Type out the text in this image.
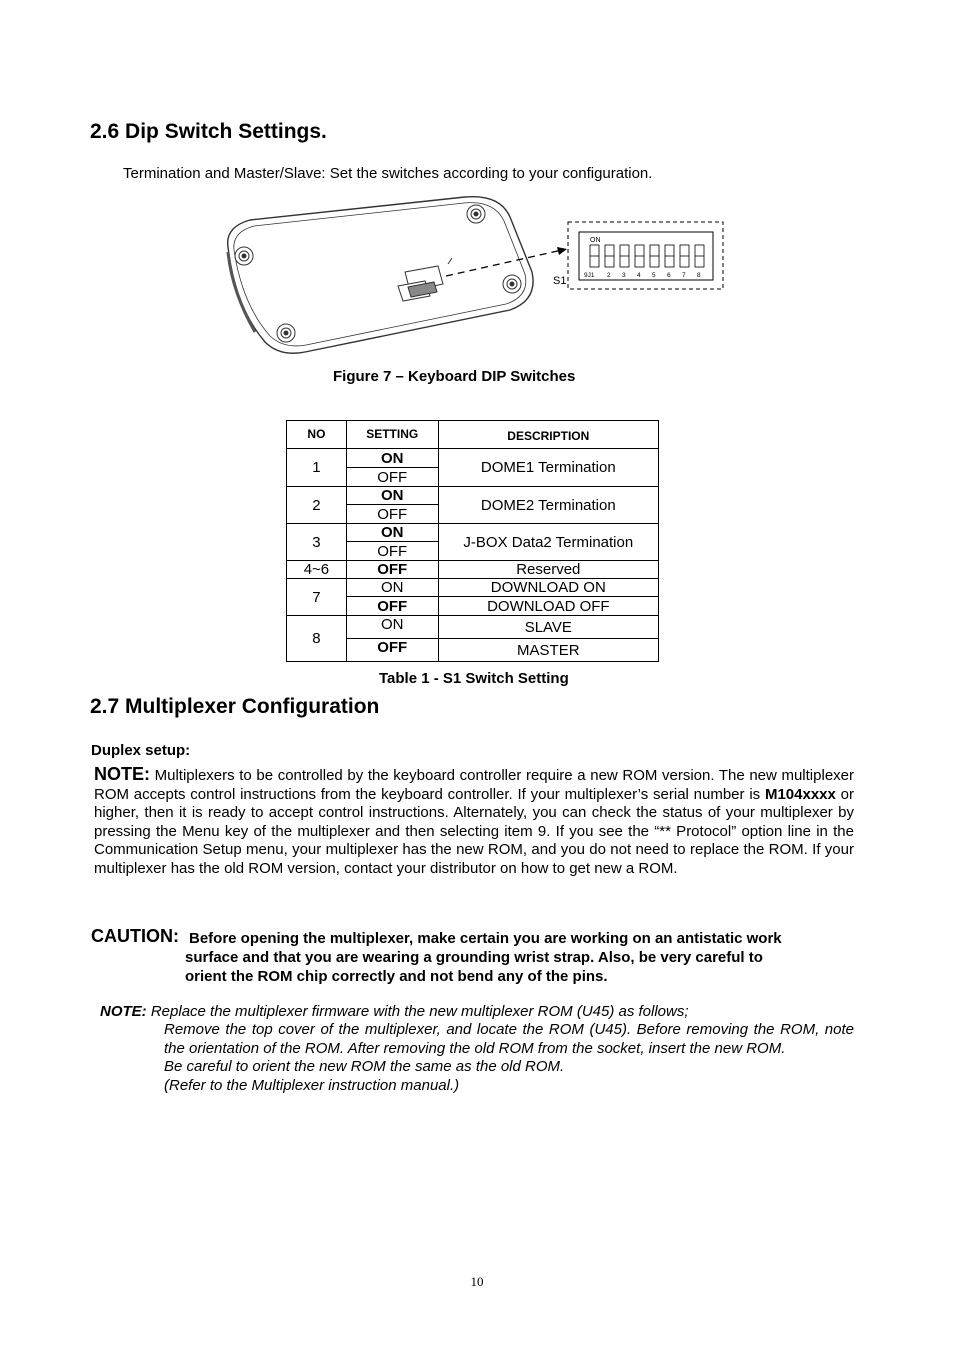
2.6 Dip Switch Settings.
Termination and Master/Slave: Set the switches according to your configuration.
S1
ON
9J1 2 3 4 5 6 7 8
Figure 7 – Keyboard DIP Switches
NO	SETTING	DESCRIPTION
1	ON	DOME1 Termination
	OFF	
2	ON	DOME2 Termination
	OFF	
3	ON	J-BOX Data2 Termination
	OFF	
4~6	OFF	Reserved
7	ON	DOWNLOAD ON
	OFF	DOWNLOAD OFF
8	ON	SLAVE
	OFF	MASTER
Table 1 - S1 Switch Setting
2.7 Multiplexer Configuration
Duplex setup:
NOTE: Multiplexers to be controlled by the keyboard controller require a new ROM version. The new multiplexer ROM accepts control instructions from the keyboard controller. If your multiplexer’s serial number is M104xxxx or higher, then it is ready to accept control instructions. Alternately, you can check the status of your multiplexer by pressing the Menu key of the multiplexer and then selecting item 9. If you see the “** Protocol” option line in the Communication Setup menu, your multiplexer has the new ROM, and you do not need to replace the ROM. If your multiplexer has the old ROM version, contact your distributor on how to get new a ROM.
CAUTION: Before opening the multiplexer, make certain you are working on an antistatic work
surface and that you are wearing a grounding wrist strap. Also, be very careful to
orient the ROM chip correctly and not bend any of the pins.
NOTE: Replace the multiplexer firmware with the new multiplexer ROM (U45) as follows;

Remove the top cover of the multiplexer, and locate the ROM (U45). Before removing the ROM, note the orientation of the ROM. After removing the old ROM from the socket, insert the new ROM.

Be careful to orient the new ROM the same as the old ROM.

(Refer to the Multiplexer instruction manual.)

10
